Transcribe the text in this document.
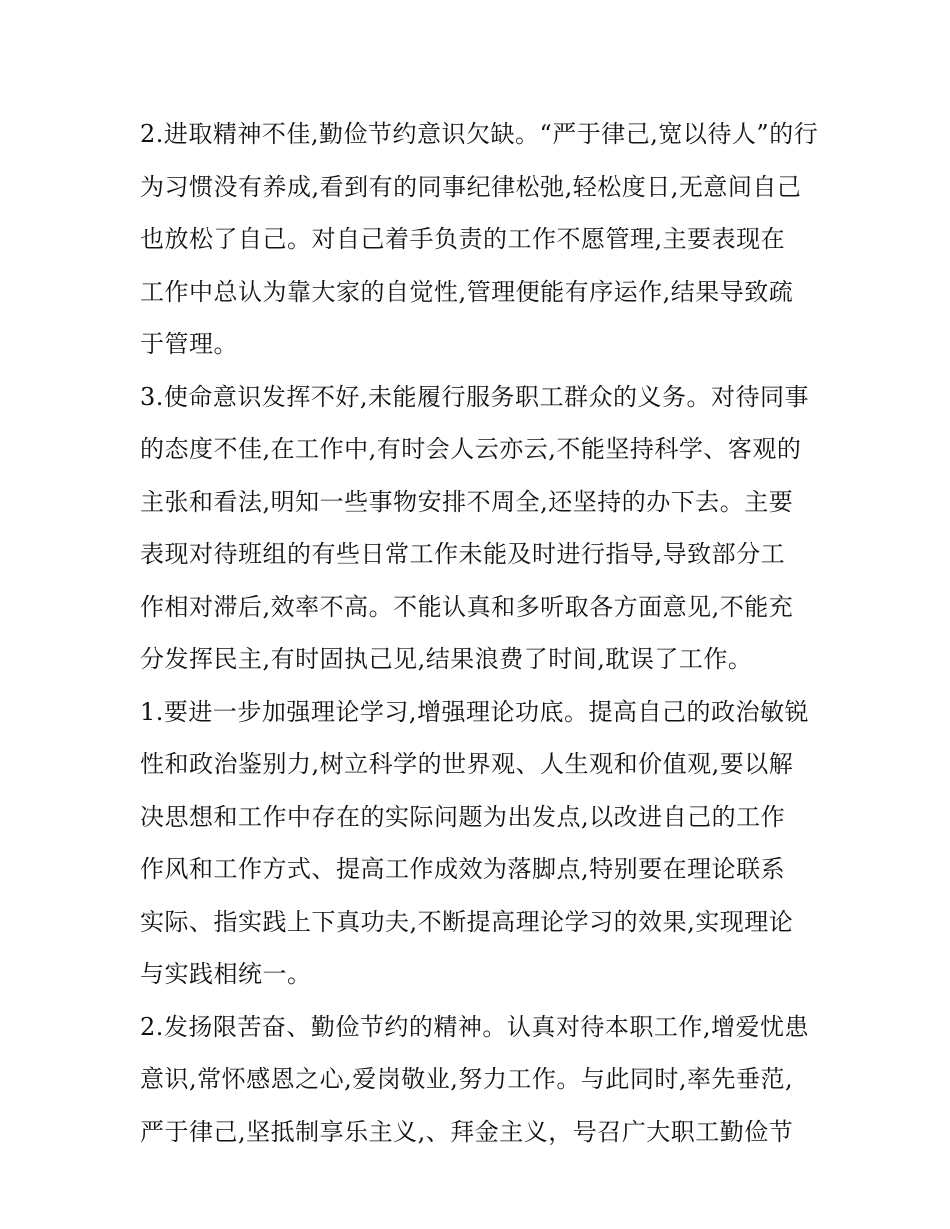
2.进取精神不佳,勤俭节约意识欠缺。“严于律己,宽以待人”的行
为习惯没有养成,看到有的同事纪律松弛,轻松度日,无意间自己
也放松了自己。对自己着手负责的工作不愿管理,主要表现在
工作中总认为靠大家的自觉性,管理便能有序运作,结果导致疏
于管理。
3.使命意识发挥不好,未能履行服务职工群众的义务。对待同事
的态度不佳,在工作中,有时会人云亦云,不能坚持科学、客观的
主张和看法,明知一些事物安排不周全,还坚持的办下去。主要
表现对待班组的有些日常工作未能及时进行指导,导致部分工
作相对滞后,效率不高。不能认真和多听取各方面意见,不能充
分发挥民主,有时固执己见,结果浪费了时间,耽误了工作。
1.要进一步加强理论学习,增强理论功底。提高自己的政治敏锐
性和政治鉴别力,树立科学的世界观、人生观和价值观,要以解
决思想和工作中存在的实际问题为出发点,以改进自己的工作
作风和工作方式、提高工作成效为落脚点,特别要在理论联系
实际、指实践上下真功夫,不断提高理论学习的效果,实现理论
与实践相统一。
2.发扬限苦奋、勤俭节约的精神。认真对待本职工作,增爱忧患
意识,常怀感恩之心,爱岗敬业,努力工作。与此同时,率先垂范,
严于律己,坚抵制享乐主义,、拜金主义，号召广大职工勤俭节
